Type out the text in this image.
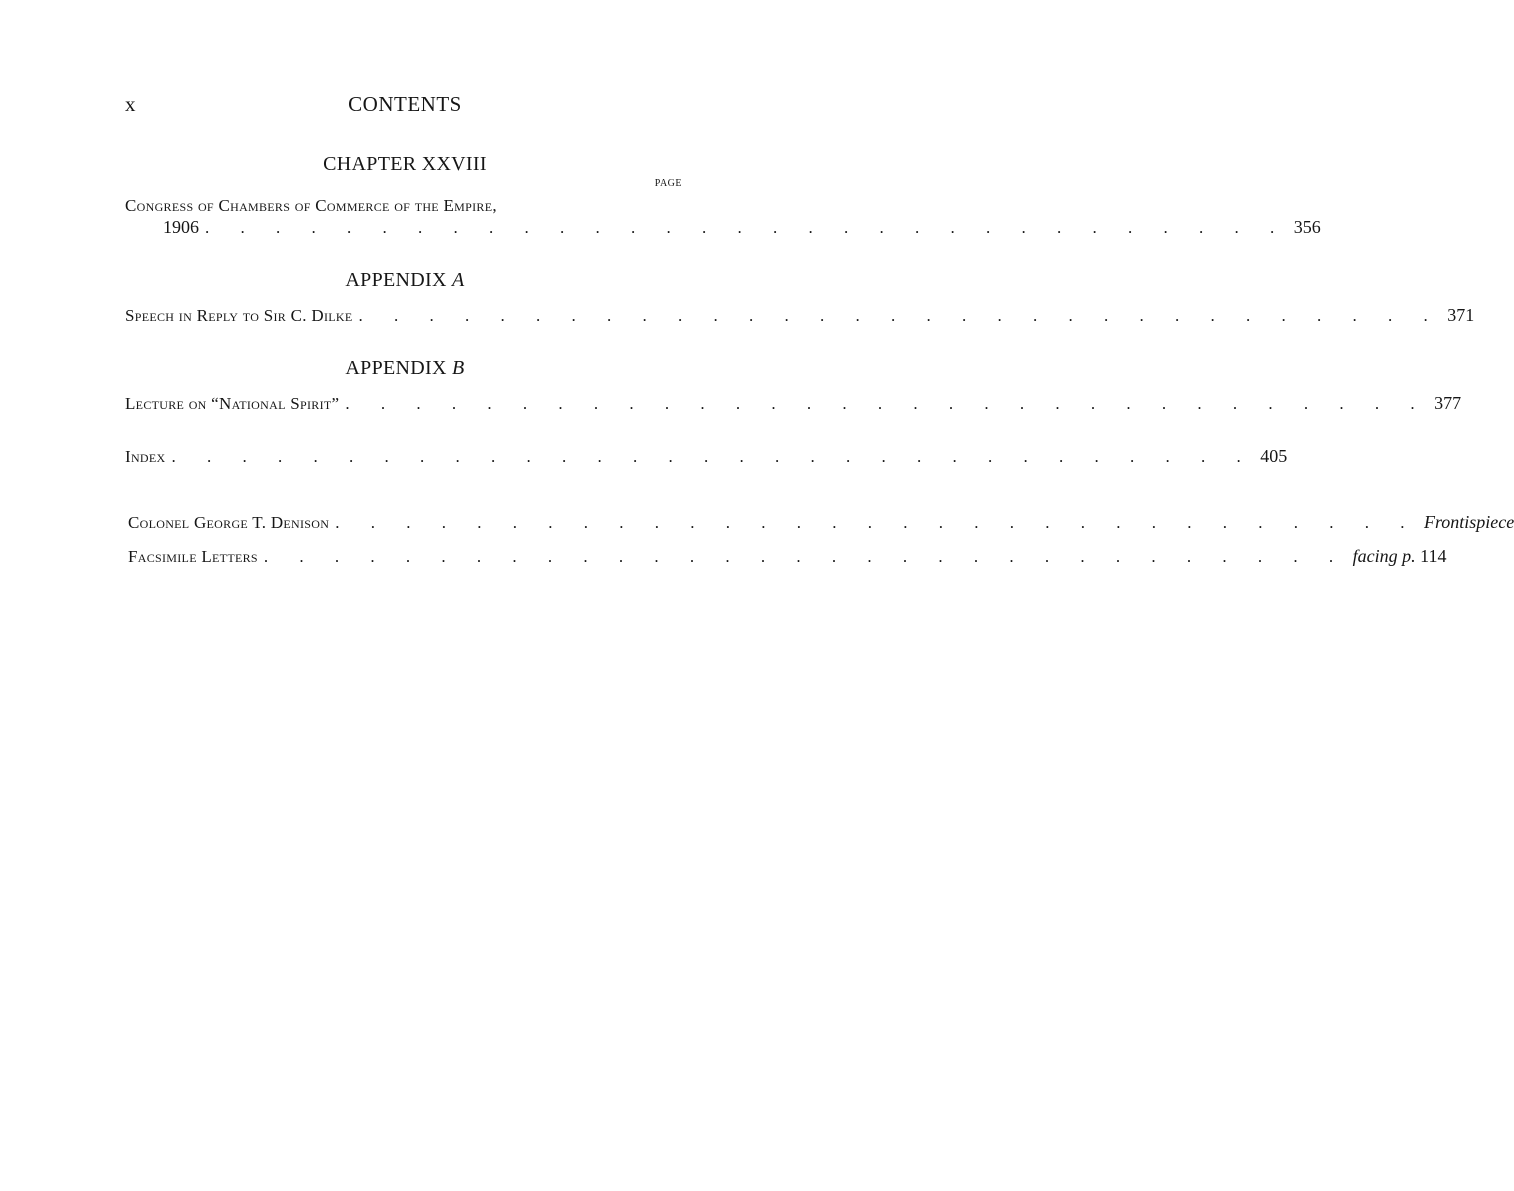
x	CONTENTS
CHAPTER XXVIII
PAGE
Congress of Chambers of Commerce of the Empire,
1906 . . . . . . . . . . . . . . . . . . . . . . . . . . . . . . . 356
APPENDIX A
Speech in Reply to Sir C. Dilke . . . . . . . . . . . . . . . . . . . . . . . . . . . . . . . 371
APPENDIX B
Lecture on “National Spirit” . . . . . . . . . . . . . . . . . . . . . . . . . . . . . . . 377
Index . . . . . . . . . . . . . . . . . . . . . . . . . . . . . . . 405
Colonel George T. Denison . . . . . . . . . . . . . . . . . . . . . . . . . . . . . . . Frontispiece
Facsimile Letters . . . . . . . . . . . . . . . . . . . . . . . . . . . . . . . facing p. 114
